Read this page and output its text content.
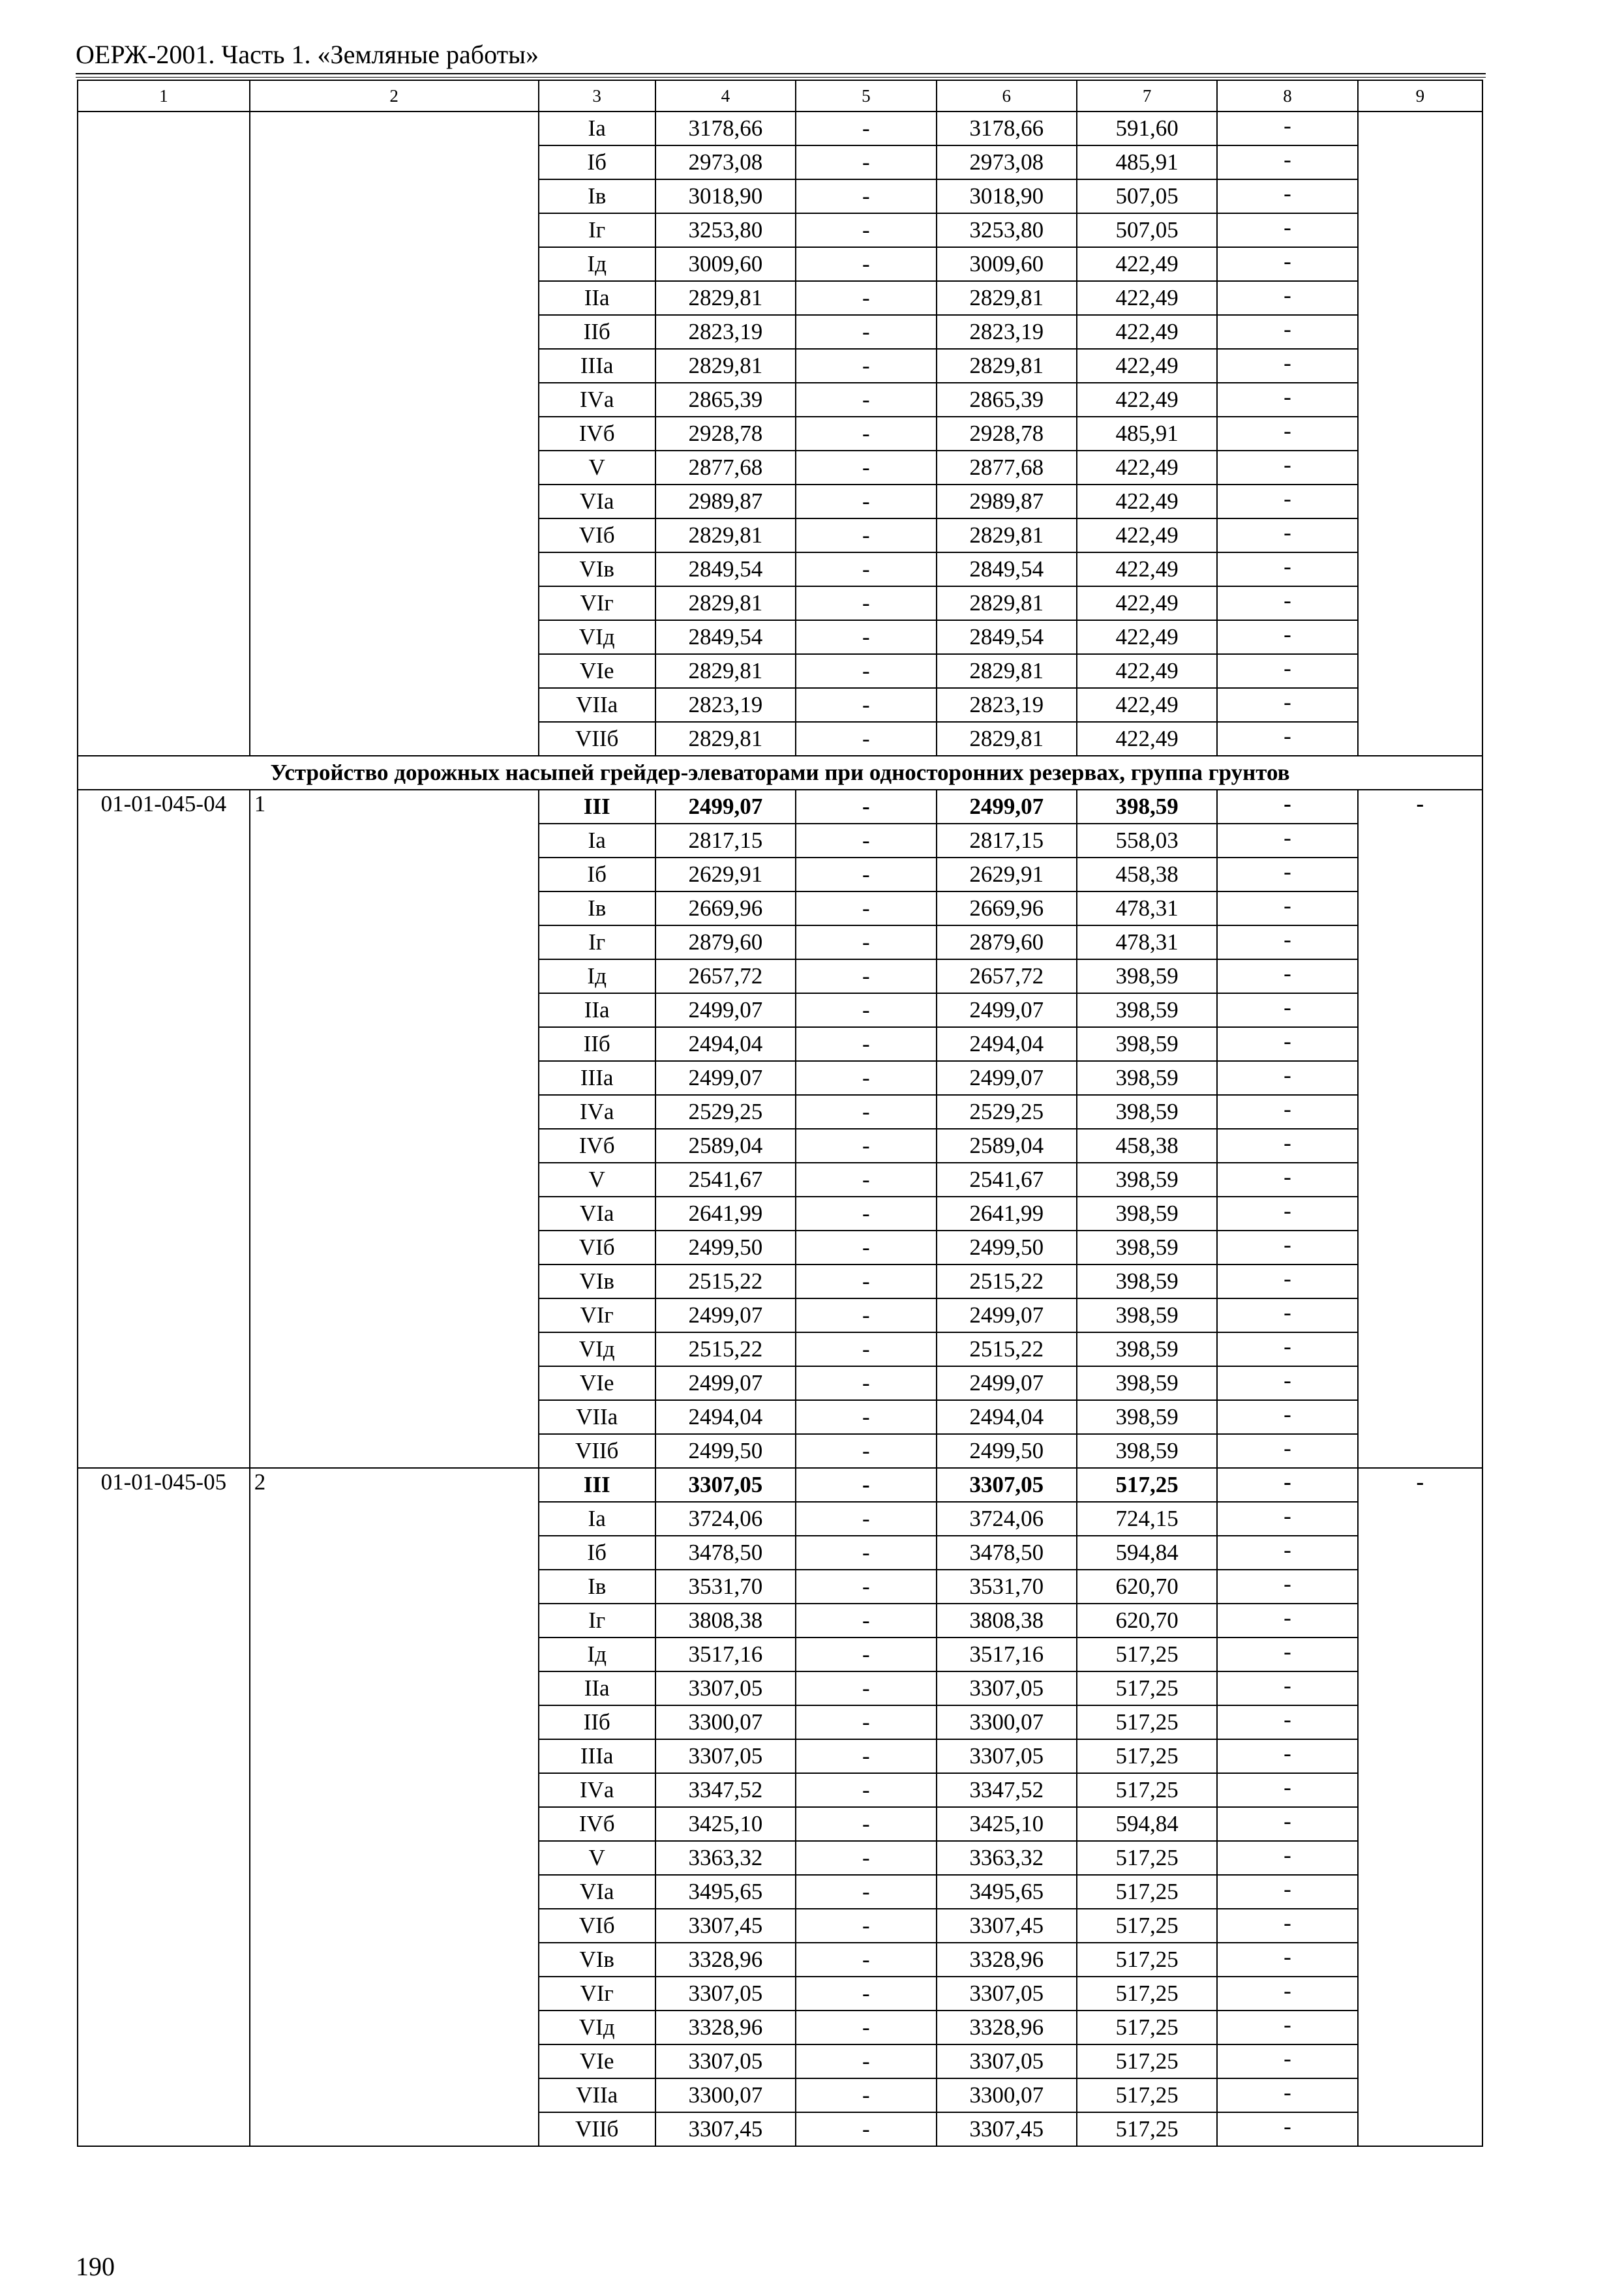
ОЕРЖ-2001. Часть 1. «Земляные работы»
1	2	3	4	5	6	7	8	9
		Iа	3178,66	-	3178,66	591,60	-	
		Iб	2973,08	-	2973,08	485,91	-	
		Iв	3018,90	-	3018,90	507,05	-	
		Iг	3253,80	-	3253,80	507,05	-	
		Iд	3009,60	-	3009,60	422,49	-	
		IIа	2829,81	-	2829,81	422,49	-	
		IIб	2823,19	-	2823,19	422,49	-	
		IIIа	2829,81	-	2829,81	422,49	-	
		IVа	2865,39	-	2865,39	422,49	-	
		IVб	2928,78	-	2928,78	485,91	-	
		V	2877,68	-	2877,68	422,49	-	
		VIа	2989,87	-	2989,87	422,49	-	
		VIб	2829,81	-	2829,81	422,49	-	
		VIв	2849,54	-	2849,54	422,49	-	
		VIг	2829,81	-	2829,81	422,49	-	
		VIд	2849,54	-	2849,54	422,49	-	
		VIе	2829,81	-	2829,81	422,49	-	
		VIIа	2823,19	-	2823,19	422,49	-	
		VIIб	2829,81	-	2829,81	422,49	-	
Устройство дорожных насыпей грейдер-элеваторами при односторонних резервах, группа грунтов								
01-01-045-04	1	III	2499,07	-	2499,07	398,59	-	-
		Iа	2817,15	-	2817,15	558,03	-	
		Iб	2629,91	-	2629,91	458,38	-	
		Iв	2669,96	-	2669,96	478,31	-	
		Iг	2879,60	-	2879,60	478,31	-	
		Iд	2657,72	-	2657,72	398,59	-	
		IIа	2499,07	-	2499,07	398,59	-	
		IIб	2494,04	-	2494,04	398,59	-	
		IIIа	2499,07	-	2499,07	398,59	-	
		IVа	2529,25	-	2529,25	398,59	-	
		IVб	2589,04	-	2589,04	458,38	-	
		V	2541,67	-	2541,67	398,59	-	
		VIа	2641,99	-	2641,99	398,59	-	
		VIб	2499,50	-	2499,50	398,59	-	
		VIв	2515,22	-	2515,22	398,59	-	
		VIг	2499,07	-	2499,07	398,59	-	
		VIд	2515,22	-	2515,22	398,59	-	
		VIе	2499,07	-	2499,07	398,59	-	
		VIIа	2494,04	-	2494,04	398,59	-	
		VIIб	2499,50	-	2499,50	398,59	-	
01-01-045-05	2	III	3307,05	-	3307,05	517,25	-	-
		Iа	3724,06	-	3724,06	724,15	-	
		Iб	3478,50	-	3478,50	594,84	-	
		Iв	3531,70	-	3531,70	620,70	-	
		Iг	3808,38	-	3808,38	620,70	-	
		Iд	3517,16	-	3517,16	517,25	-	
		IIа	3307,05	-	3307,05	517,25	-	
		IIб	3300,07	-	3300,07	517,25	-	
		IIIа	3307,05	-	3307,05	517,25	-	
		IVа	3347,52	-	3347,52	517,25	-	
		IVб	3425,10	-	3425,10	594,84	-	
		V	3363,32	-	3363,32	517,25	-	
		VIа	3495,65	-	3495,65	517,25	-	
		VIб	3307,45	-	3307,45	517,25	-	
		VIв	3328,96	-	3328,96	517,25	-	
		VIг	3307,05	-	3307,05	517,25	-	
		VIд	3328,96	-	3328,96	517,25	-	
		VIе	3307,05	-	3307,05	517,25	-	
		VIIа	3300,07	-	3300,07	517,25	-	
		VIIб	3307,45	-	3307,45	517,25	-	
190
